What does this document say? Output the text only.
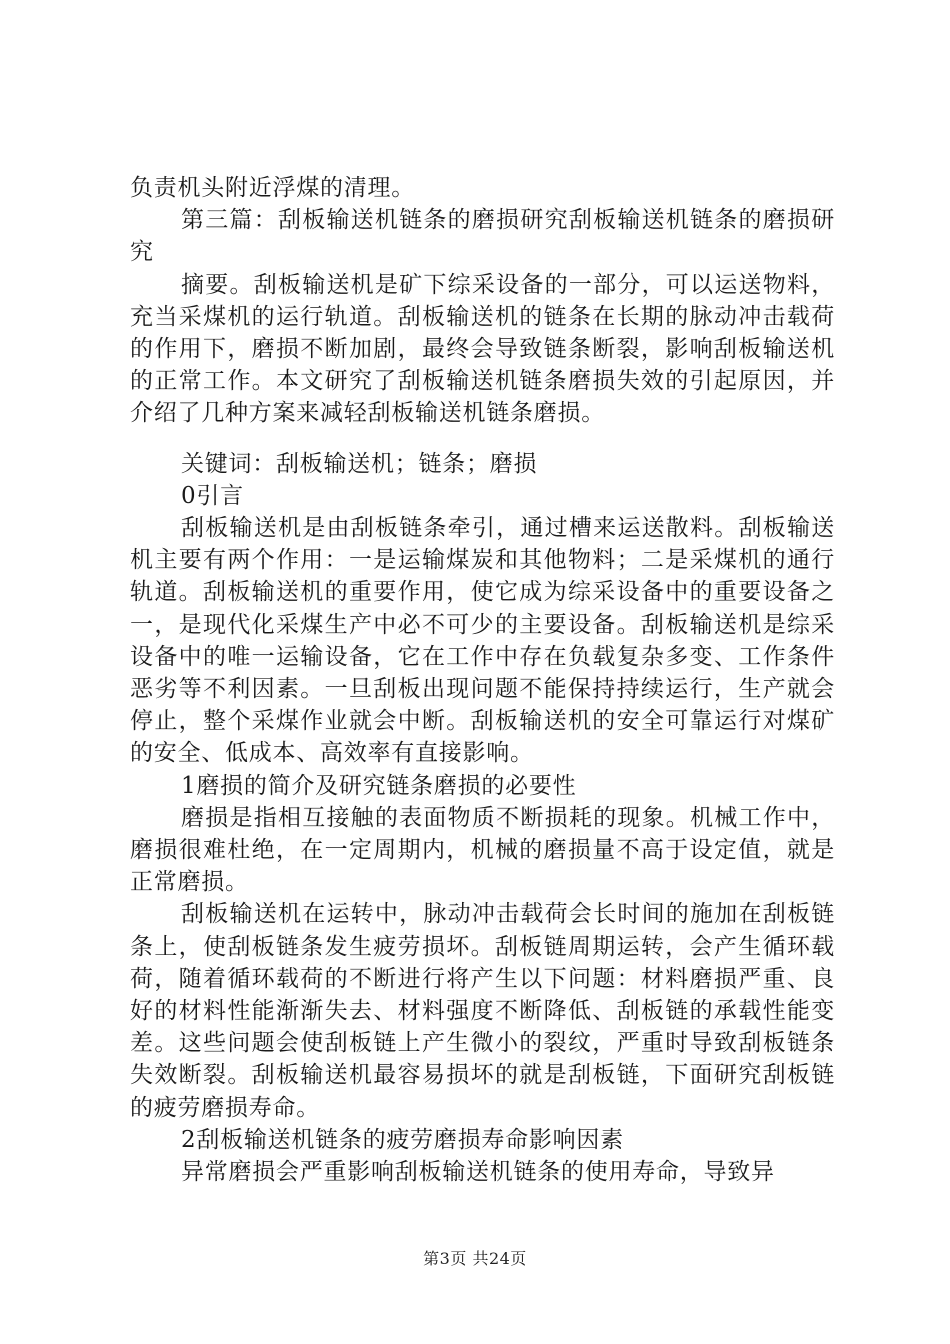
负责机头附近浮煤的清理。

第三篇：刮板输送机链条的磨损研究刮板输送机链条的磨损研究

摘要。刮板输送机是矿下综采设备的一部分，可以运送物料，充当采煤机的运行轨道。刮板输送机的链条在长期的脉动冲击载荷的作用下，磨损不断加剧，最终会导致链条断裂，影响刮板输送机的正常工作。本文研究了刮板输送机链条磨损失效的引起原因，并介绍了几种方案来减轻刮板输送机链条磨损。

关键词：刮板输送机；链条；磨损

0引言

刮板输送机是由刮板链条牵引，通过槽来运送散料。刮板输送机主要有两个作用：一是运输煤炭和其他物料；二是采煤机的通行轨道。刮板输送机的重要作用，使它成为综采设备中的重要设备之一，是现代化采煤生产中必不可少的主要设备。刮板输送机是综采设备中的唯一运输设备，它在工作中存在负载复杂多变、工作条件恶劣等不利因素。一旦刮板出现问题不能保持持续运行，生产就会停止，整个采煤作业就会中断。刮板输送机的安全可靠运行对煤矿的安全、低成本、高效率有直接影响。

1磨损的简介及研究链条磨损的必要性

磨损是指相互接触的表面物质不断损耗的现象。机械工作中，磨损很难杜绝，在一定周期内，机械的磨损量不高于设定值，就是正常磨损。

刮板输送机在运转中，脉动冲击载荷会长时间的施加在刮板链条上，使刮板链条发生疲劳损坏。刮板链周期运转，会产生循环载荷，随着循环载荷的不断进行将产生以下问题：材料磨损严重、良好的材料性能渐渐失去、材料强度不断降低、刮板链的承载性能变差。这些问题会使刮板链上产生微小的裂纹，严重时导致刮板链条失效断裂。刮板输送机最容易损坏的就是刮板链，下面研究刮板链的疲劳磨损寿命。

2刮板输送机链条的疲劳磨损寿命影响因素

异常磨损会严重影响刮板输送机链条的使用寿命，导致异

第3页 共24页
